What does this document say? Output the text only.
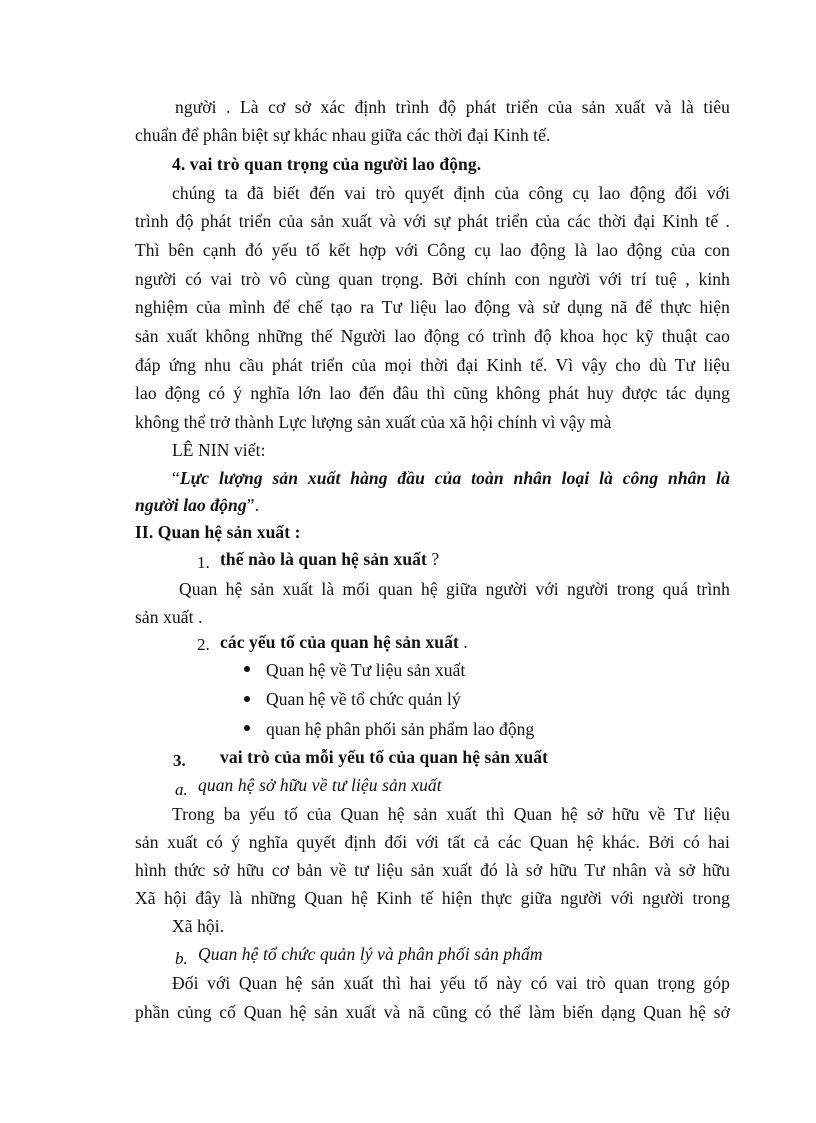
người . Là cơ sở xác định trình độ phát triển của sản xuất và là tiêu
chuẩn để phân biệt sự khác nhau giữa các thời đại Kinh tế.
4. vai trò quan trọng của người lao động.
chúng ta đã biết đến vai trò quyết định của công cụ lao động đối với
trình độ phát triển của sản xuất và với sự phát triển của các thời đại Kinh tế .
Thì bên cạnh đó yếu tố kết hợp với Công cụ lao động là lao động của con
người có vai trò vô cùng quan trọng. Bởi chính con người với trí tuệ , kinh
nghiệm của mình để chế tạo ra Tư liệu lao động và sử dụng nã để thực hiện
sản xuất không những thế Người lao động có trình độ khoa học kỹ thuật cao
đáp ứng nhu cầu phát triển của mọi thời đại Kinh tế. Vì vậy cho dù Tư liệu
lao động có ý nghĩa lớn lao đến đâu thì cũng không phát huy được tác dụng
không thể trở thành Lực lượng sản xuất của xã hội chính vì vậy mà
LÊ NIN viết:
“Lực lượng sản xuất hàng đầu của toàn nhân loại là công nhân là
người lao động”.
II. Quan hệ sản xuất :
1. thế nào là quan hệ sản xuất ?
Quan hệ sản xuất là mối quan hệ giữa người với người trong quá trình
sản xuất .
2. các yếu tố của quan hệ sản xuất .
Quan hệ về Tư liệu sản xuất
Quan hệ về tổ chức quản lý
quan hệ phân phối sản phẩm lao động
3. vai trò của mỗi yếu tố của quan hệ sản xuất
a. quan hệ sở hữu về tư liệu sản xuất
Trong ba yếu tố của Quan hệ sản xuất thì Quan hệ sở hữu về Tư liệu
sản xuất có ý nghĩa quyết định đối với tất cả các Quan hệ khác. Bởi có hai
hình thức sở hữu cơ bản về tư liệu sản xuất đó là sở hữu Tư nhân và sở hữu
Xã hội đây là những Quan hệ Kinh tế hiện thực giữa người với người trong
Xã hội.
b. Quan hệ tổ chức quản lý và phân phối sản phẩm
Đối với Quan hệ sản xuất thì hai yếu tố này có vai trò quan trọng góp
phần củng cố Quan hệ sản xuất và nã cũng có thể làm biến dạng Quan hệ sở
